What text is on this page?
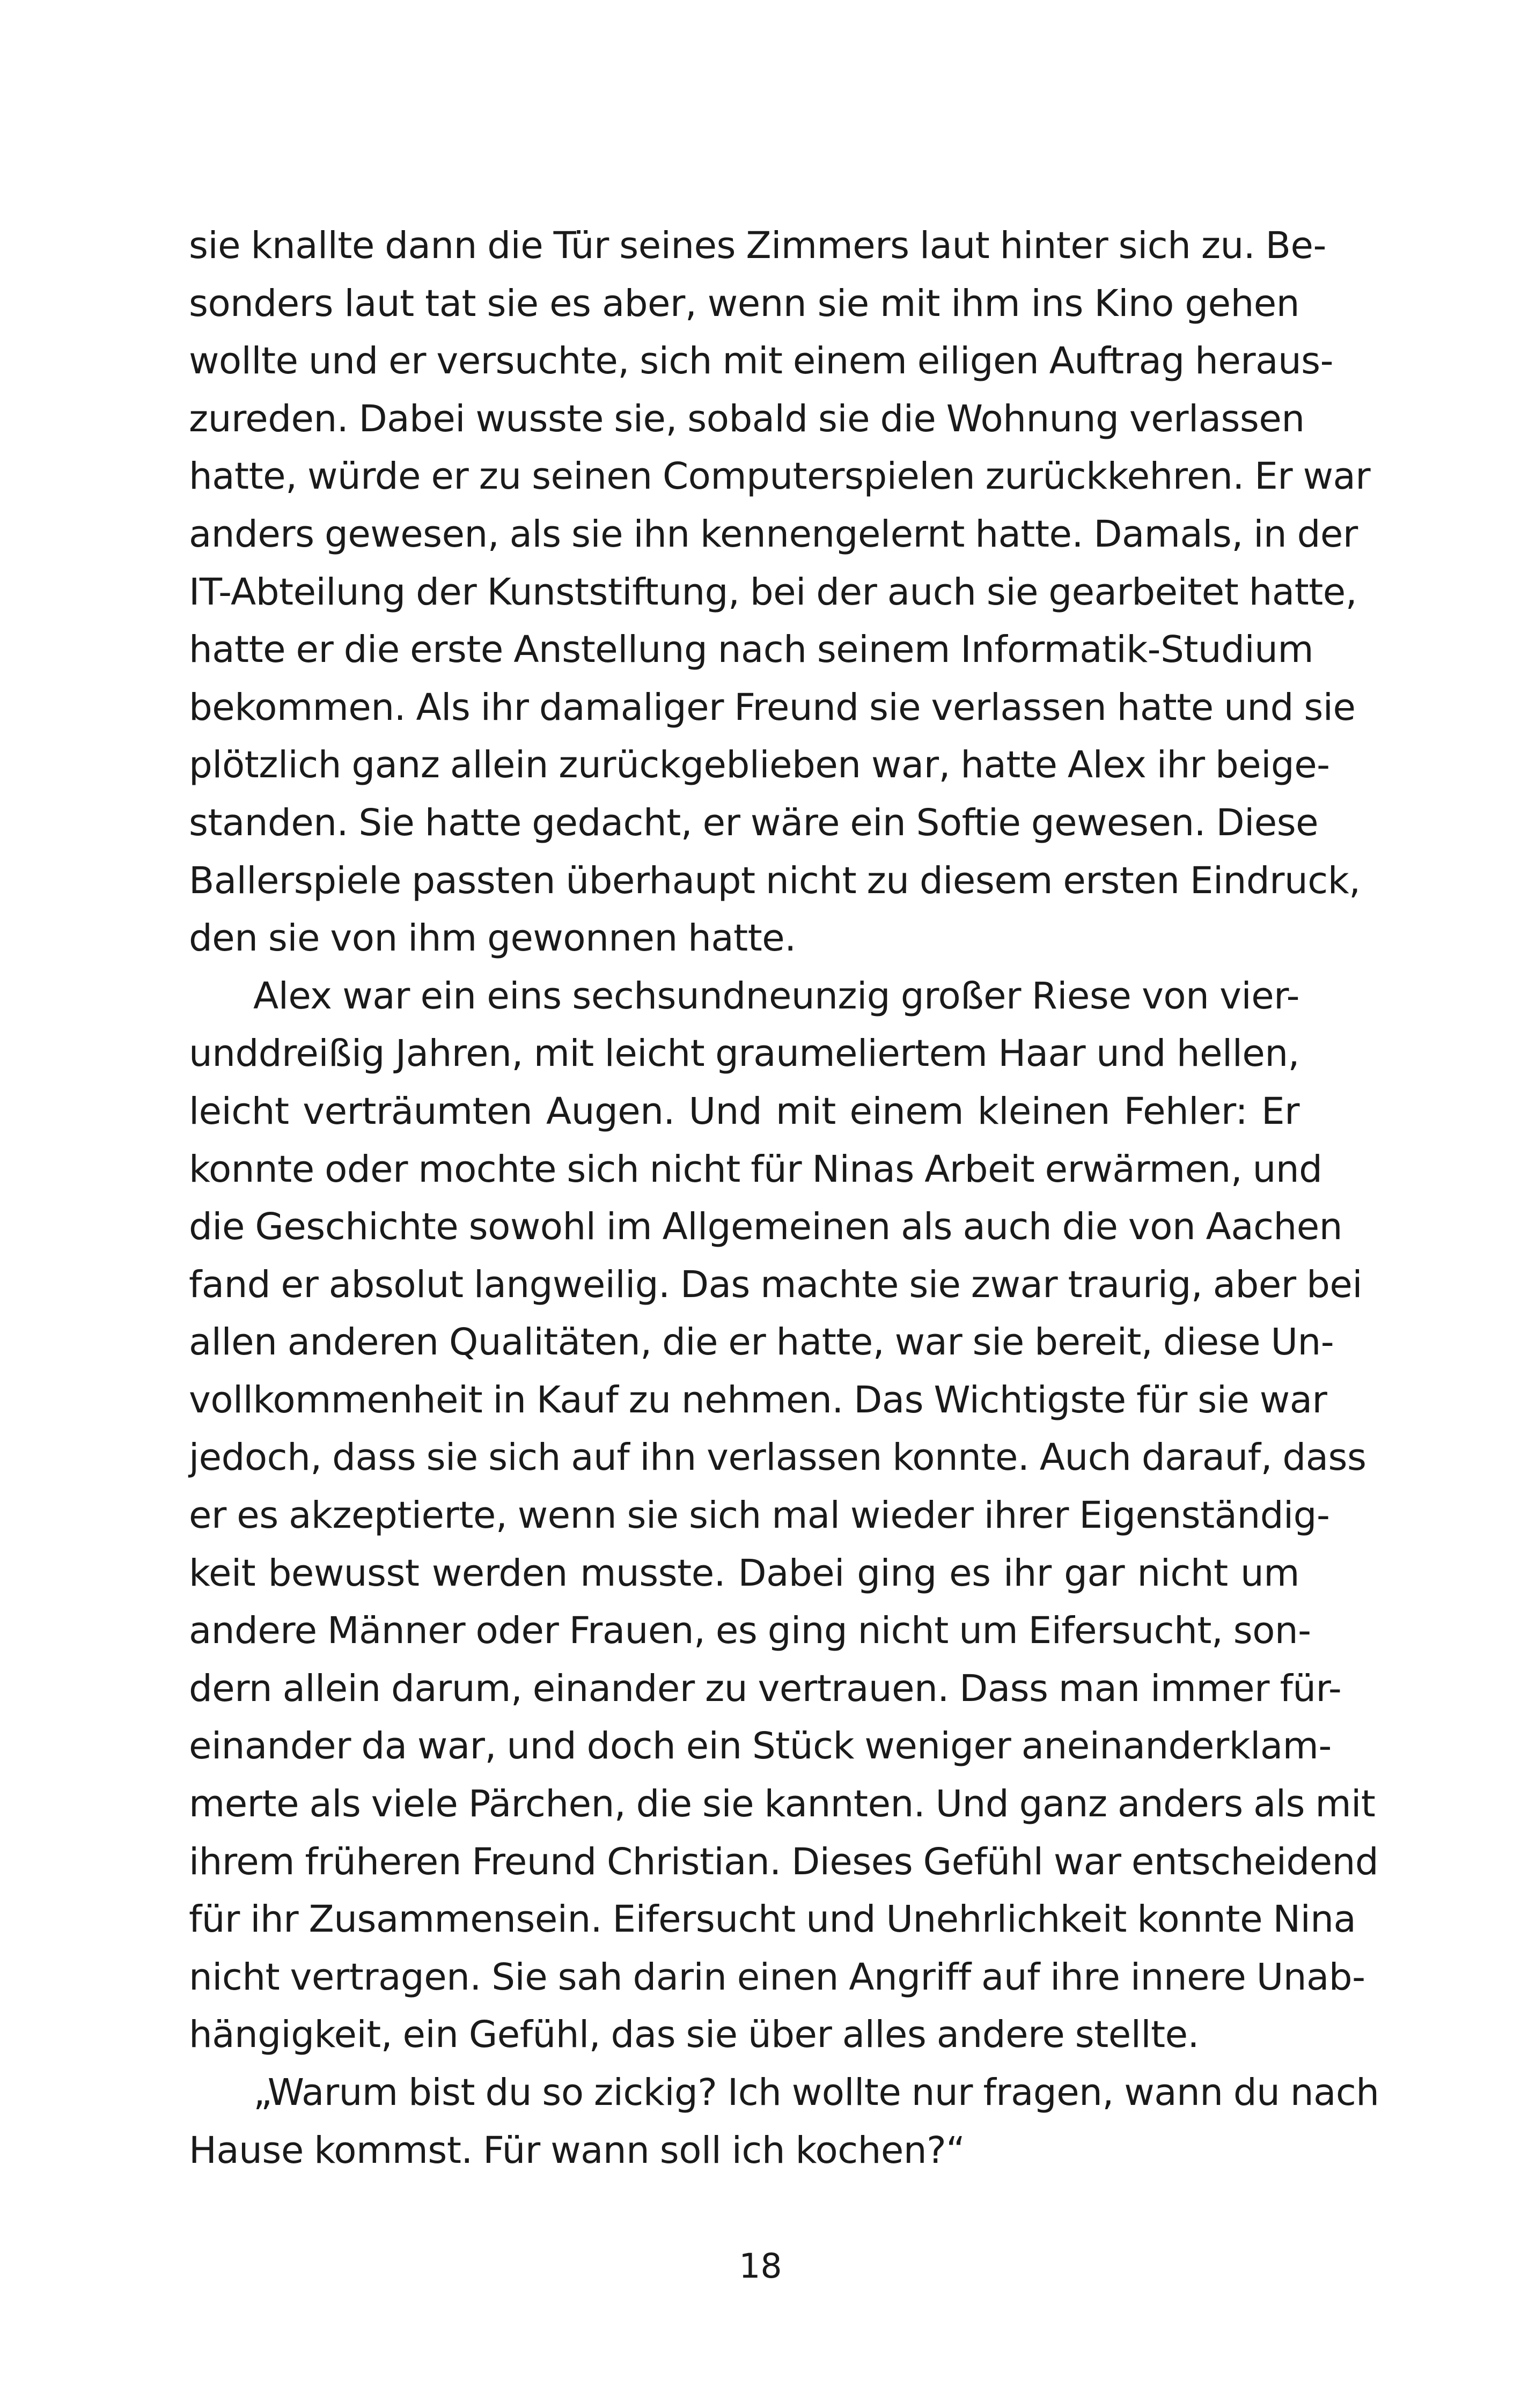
sie knallte dann die Tür seines Zimmers laut hinter sich zu. Be-
sonders laut tat sie es aber, wenn sie mit ihm ins Kino gehen
wollte und er versuchte, sich mit einem eiligen Auftrag heraus-
zureden. Dabei wusste sie, sobald sie die Wohnung verlassen
hatte, würde er zu seinen Computerspielen zurückkehren. Er war
anders gewesen, als sie ihn kennengelernt hatte. Damals, in der
IT-Abteilung der Kunststiftung, bei der auch sie gearbeitet hatte,
hatte er die erste Anstellung nach seinem Informatik-Studium
bekommen. Als ihr damaliger Freund sie verlassen hatte und sie
plötzlich ganz allein zurückgeblieben war, hatte Alex ihr beige-
standen. Sie hatte gedacht, er wäre ein Softie gewesen. Diese
Ballerspiele passten überhaupt nicht zu diesem ersten Eindruck,
den sie von ihm gewonnen hatte.

Alex war ein eins sechsundneunzig großer Riese von vier-
unddreißig Jahren, mit leicht graumeliertem Haar und hellen,
leicht verträumten Augen. Und mit einem kleinen Fehler: Er
konnte oder mochte sich nicht für Ninas Arbeit erwärmen, und
die Geschichte sowohl im Allgemeinen als auch die von Aachen
fand er absolut langweilig. Das machte sie zwar traurig, aber bei
allen anderen Qualitäten, die er hatte, war sie bereit, diese Un-
vollkommenheit in Kauf zu nehmen. Das Wichtigste für sie war
jedoch, dass sie sich auf ihn verlassen konnte. Auch darauf, dass
er es akzeptierte, wenn sie sich mal wieder ihrer Eigenständig-
keit bewusst werden musste. Dabei ging es ihr gar nicht um
andere Männer oder Frauen, es ging nicht um Eifersucht, son-
dern allein darum, einander zu vertrauen. Dass man immer für-
einander da war, und doch ein Stück weniger aneinanderklam-
merte als viele Pärchen, die sie kannten. Und ganz anders als mit
ihrem früheren Freund Christian. Dieses Gefühl war entscheidend
für ihr Zusammensein. Eifersucht und Unehrlichkeit konnte Nina
nicht vertragen. Sie sah darin einen Angriff auf ihre innere Unab-
hängigkeit, ein Gefühl, das sie über alles andere stellte.

„Warum bist du so zickig? Ich wollte nur fragen, wann du nach
Hause kommst. Für wann soll ich kochen?“

18
